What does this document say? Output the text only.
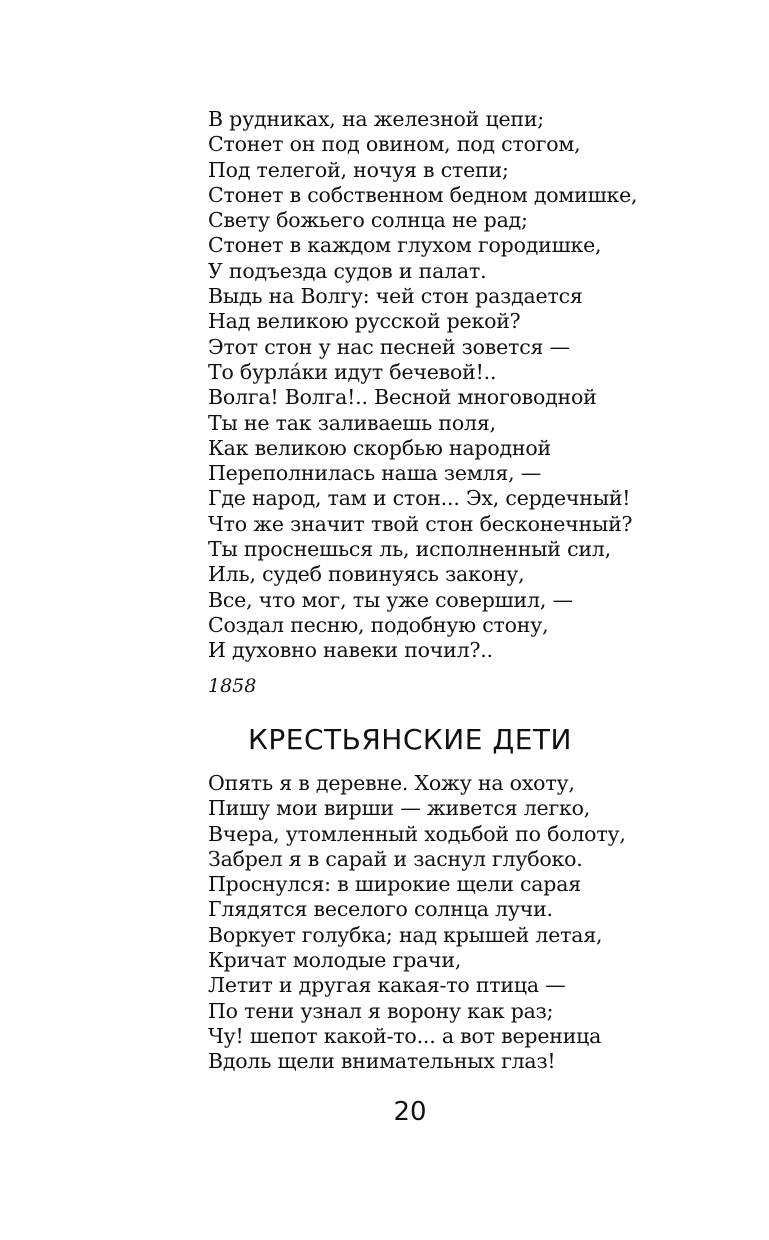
В рудниках, на железной цепи;
Стонет он под овином, под стогом,
Под телегой, ночуя в степи;
Стонет в собственном бедном домишке,
Свету божьего солнца не рад;
Стонет в каждом глухом городишке,
У подъезда судов и палат.
Выдь на Волгу: чей стон раздается
Над великою русской рекой?
Этот стон у нас песней зовется —
То бурла́ки идут бечевой!..
Волга! Волга!.. Весной многоводной
Ты не так заливаешь поля,
Как великою скорбью народной
Переполнилась наша земля, —
Где народ, там и стон... Эх, сердечный!
Что же значит твой стон бесконечный?
Ты проснешься ль, исполненный сил,
Иль, судеб повинуясь закону,
Все, что мог, ты уже совершил, —
Создал песню, подобную стону,
И духовно навеки почил?..
1858
КРЕСТЬЯНСКИЕ ДЕТИ
Опять я в деревне. Хожу на охоту,
Пишу мои вирши — живется легко,
Вчера, утомленный ходьбой по болоту,
Забрел я в сарай и заснул глубоко.
Проснулся: в широкие щели сарая
Глядятся веселого солнца лучи.
Воркует голубка; над крышей летая,
Кричат молодые грачи,
Летит и другая какая-то птица —
По тени узнал я ворону как раз;
Чу! шепот какой-то... а вот вереница
Вдоль щели внимательных глаз!
20
